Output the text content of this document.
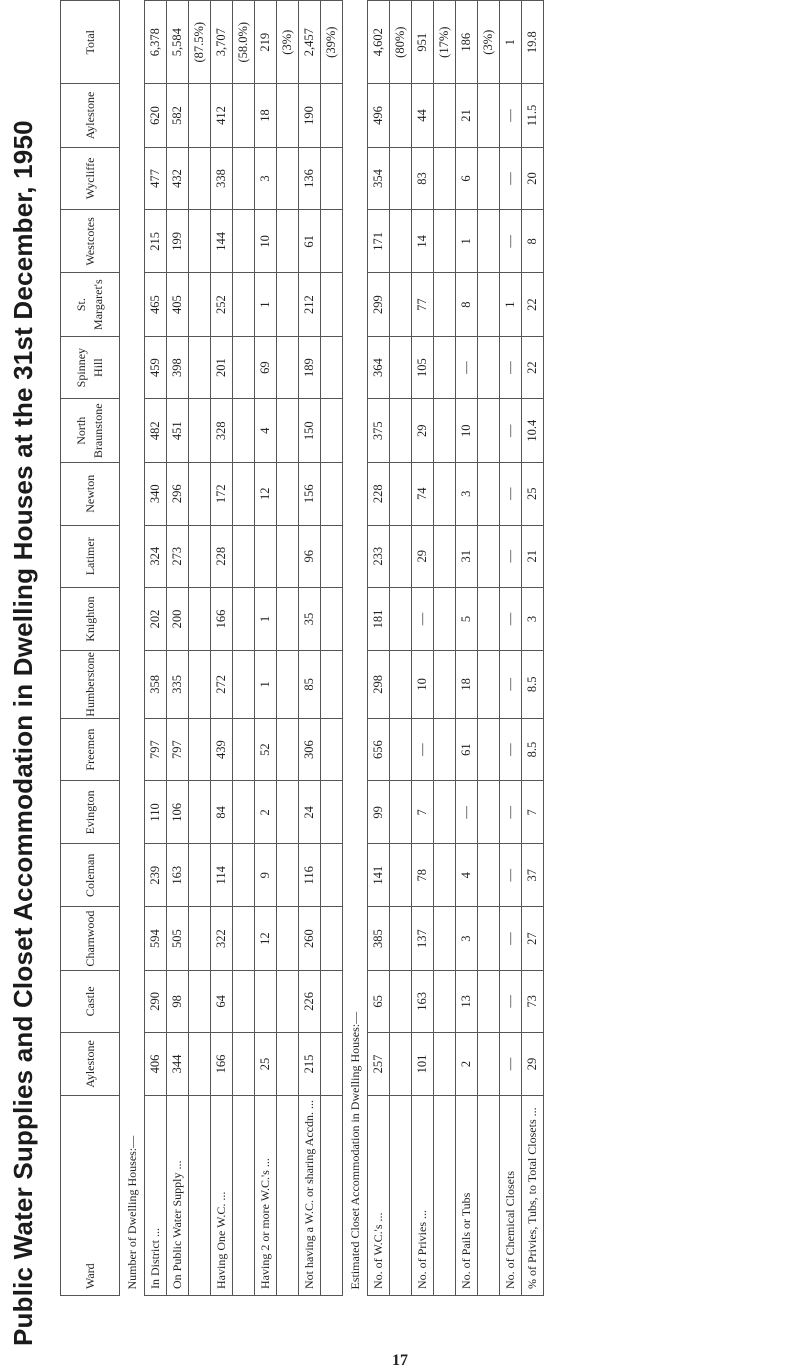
Public Water Supplies and Closet Accommodation in Dwelling Houses at the 31st December, 1950	Ward	Aylestone	Castle	Charnwood	Coleman	Evington	Freemen	Humberstone	Knighton	Latimer	Newton	North Braunstone	Spinney Hill	St. Margaret's	Westcotes	Wycliffe	Aylestone	Total
Number of Dwelling Houses:—																	
In District ...	406	290	594	239	110	797	358	202	324	340	482	459	465	215	477	620	6,378
On Public Water Supply ...	344	98	505	163	106	797	335	200	273	296	451	398	405	199	432	582	5,584
																	(87.5%)
Having One W.C. ...	166	64	322	114	84	439	272	166	228	172	328	201	252	144	338	412	3,707
																	(58.0%)
Having 2 or more W.C.'s ...	25		12	9	2	52	1	1		12	4	69	1	10	3	18	219
																	(3%)
Not having a W.C. or sharing Accdn. ...	215	226	260	116	24	306	85	35	96	156	150	189	212	61	136	190	2,457
																	(39%)
Estimated Closet Accommodation in Dwelling Houses:—																	
No. of W.C.'s ...	257	65	385	141	99	656	298	181	233	228	375	364	299	171	354	496	4,602
																	(80%)
No. of Privies ...	101	163	137	78	7	—	10	—	29	74	29	105	77	14	83	44	951
																	(17%)
No. of Pails or Tubs	2	13	3	4	—	61	18	5	31	3	10	—	8	1	6	21	186
																	(3%)
No. of Chemical Closets	—	—	—	—	—	—	—	—	—	—	—	—	1	—	—	—	1
% of Privies, Tubs, to Total Closets ...	29	73	27	37	7	8.5	8.5	3	21	25	10.4	22	22	8	20	11.5	19.8
17
